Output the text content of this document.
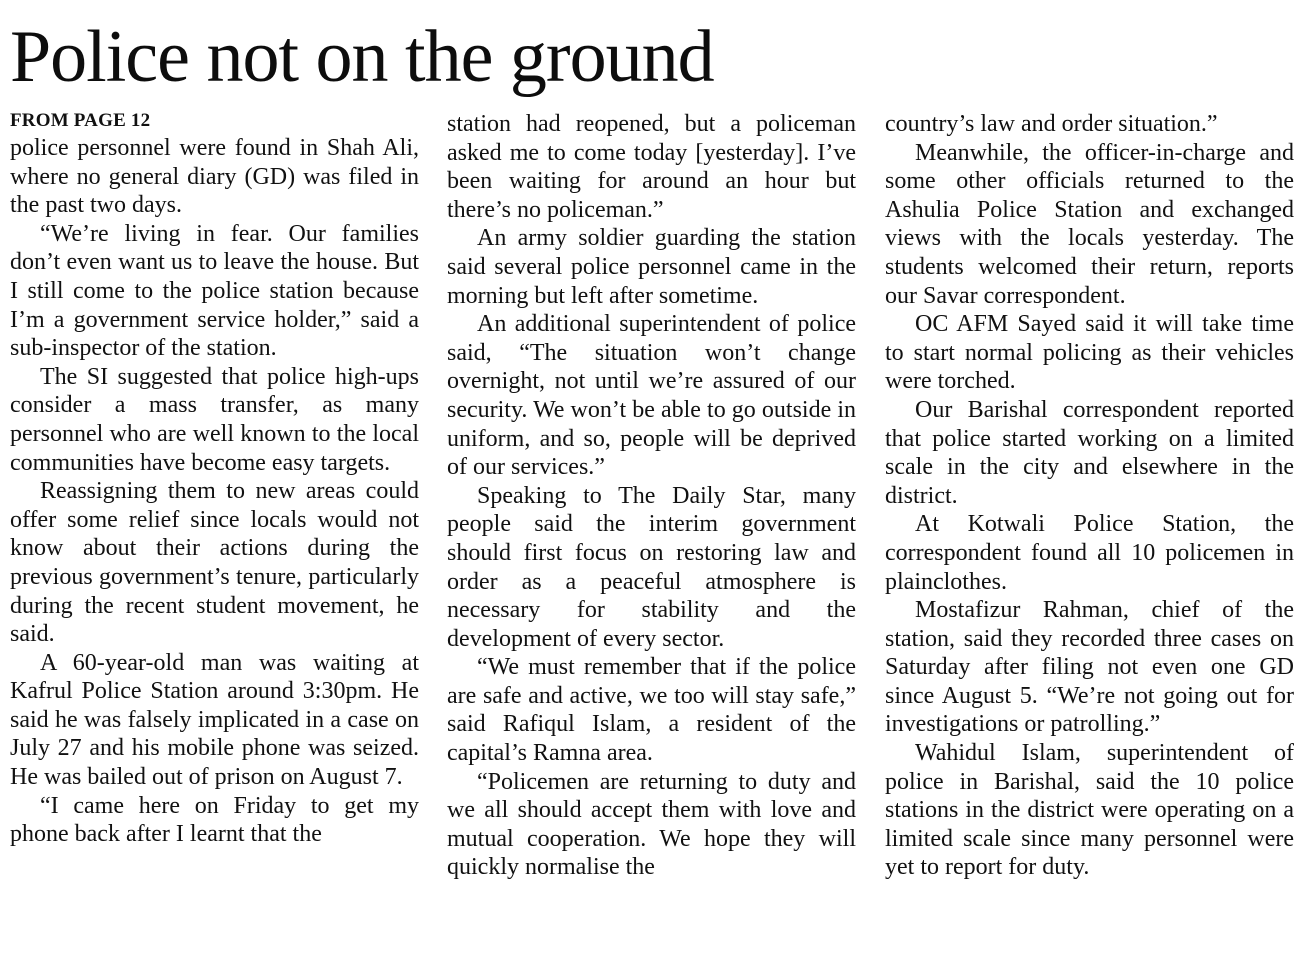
Police not on the ground

FROM PAGE 12

police personnel were found in Shah Ali, where no general diary (GD) was filed in the past two days.

“We’re living in fear. Our families don’t even want us to leave the house. But I still come to the police station because I’m a government service holder,” said a sub-inspector of the station.

The SI suggested that police high-ups consider a mass transfer, as many personnel who are well known to the local communities have become easy targets.

Reassigning them to new areas could offer some relief since locals would not know about their actions during the previous government’s tenure, particularly during the recent student movement, he said.

A 60-year-old man was waiting at Kafrul Police Station around 3:30pm. He said he was falsely implicated in a case on July 27 and his mobile phone was seized. He was bailed out of prison on August 7.

“I came here on Friday to get my phone back after I learnt that the

station had reopened, but a policeman asked me to come today [yesterday]. I’ve been waiting for around an hour but there’s no policeman.”

An army soldier guarding the station said several police personnel came in the morning but left after sometime.

An additional superintendent of police said, “The situation won’t change overnight, not until we’re assured of our security. We won’t be able to go outside in uniform, and so, people will be deprived of our services.”

Speaking to The Daily Star, many people said the interim government should first focus on restoring law and order as a peaceful atmosphere is necessary for stability and the development of every sector.

“We must remember that if the police are safe and active, we too will stay safe,” said Rafiqul Islam, a resident of the capital’s Ramna area.

“Policemen are returning to duty and we all should accept them with love and mutual cooperation. We hope they will quickly normalise the

country’s law and order situation.”

Meanwhile, the officer-in-charge and some other officials returned to the Ashulia Police Station and exchanged views with the locals yesterday. The students welcomed their return, reports our Savar correspondent.

OC AFM Sayed said it will take time to start normal policing as their vehicles were torched.

Our Barishal correspondent reported that police started working on a limited scale in the city and elsewhere in the district.

At Kotwali Police Station, the correspondent found all 10 policemen in plainclothes.

Mostafizur Rahman, chief of the station, said they recorded three cases on Saturday after filing not even one GD since August 5. “We’re not going out for investigations or patrolling.”

Wahidul Islam, superintendent of police in Barishal, said the 10 police stations in the district were operating on a limited scale since many personnel were yet to report for duty.
